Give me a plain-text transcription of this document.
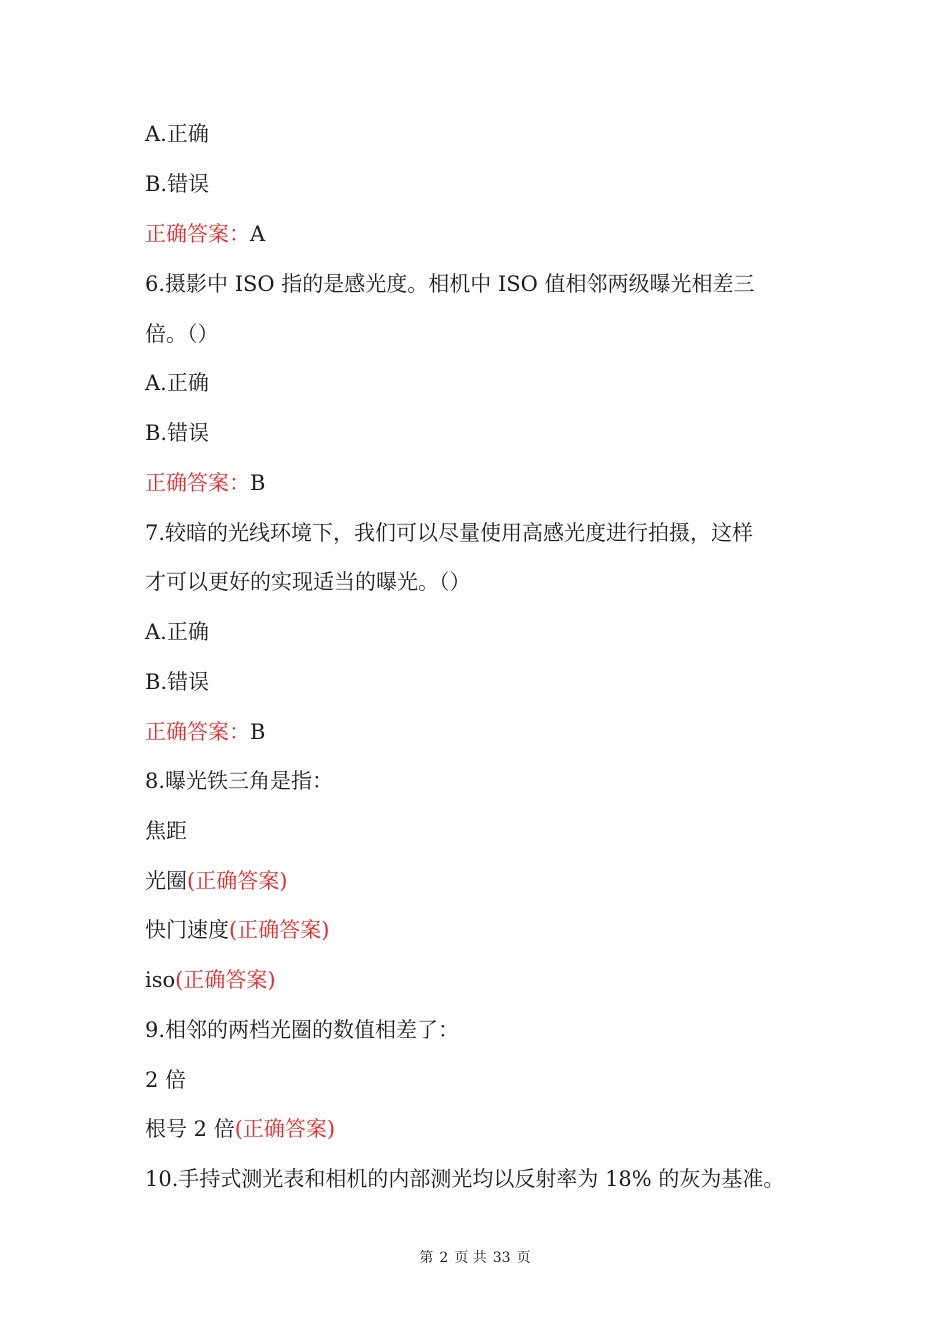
A.正确
B.错误
正确答案：A
6.摄影中 ISO 指的是感光度。相机中 ISO 值相邻两级曝光相差三
倍。（）
A.正确
B.错误
正确答案：B
7.较暗的光线环境下，我们可以尽量使用高感光度进行拍摄，这样
才可以更好的实现适当的曝光。（）
A.正确
B.错误
正确答案：B
8.曝光铁三角是指：
焦距
光圈(正确答案)
快门速度(正确答案)
iso(正确答案)
9.相邻的两档光圈的数值相差了：
2 倍
根号 2 倍(正确答案)
10.手持式测光表和相机的内部测光均以反射率为 18% 的灰为基准。
第 2 页 共 33 页
